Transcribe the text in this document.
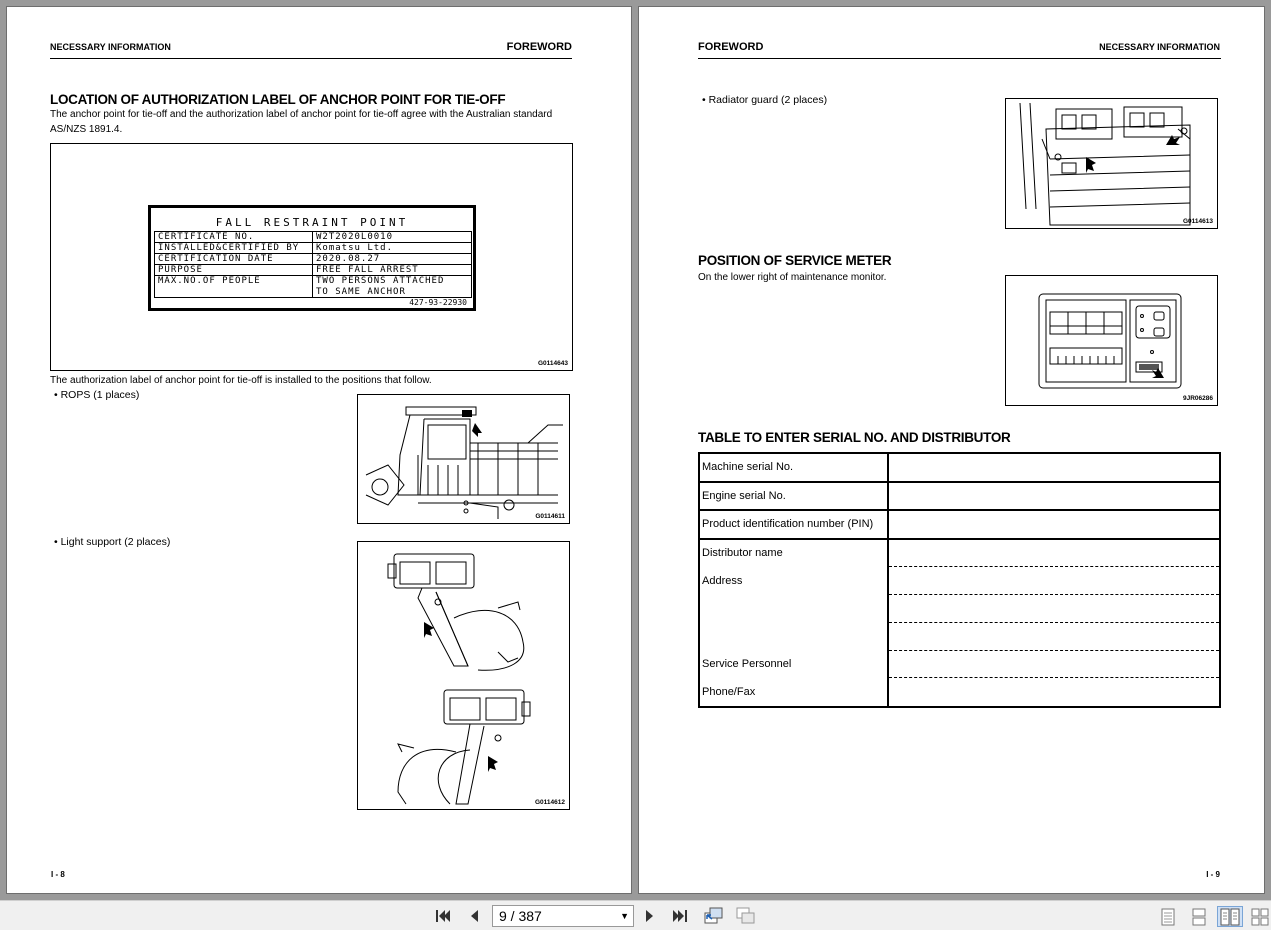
NECESSARY INFORMATION	FOREWORD
LOCATION OF AUTHORIZATION LABEL OF ANCHOR POINT FOR TIE-OFF
The anchor point for tie-off and the authorization label of anchor point for tie-off agree with the Australian standard
AS/NZS 1891.4.
FALL RESTRAINT POINT
CERTIFICATE NO.	W2T2020L0010
INSTALLED&CERTIFIED BY	Komatsu Ltd.
CERTIFICATION DATE	2020.08.27
PURPOSE	FREE FALL ARREST
MAX.NO.OF PEOPLE	TWO PERSONS ATTACHED
	TO SAME ANCHOR
427-93-22930
G0114643
The authorization label of anchor point for tie-off is installed to the positions that follow.
• ROPS (1 places)
G0114611
• Light support (2 places)
G0114612
I - 8
FOREWORD	NECESSARY INFORMATION
• Radiator guard (2 places)
G0114613
POSITION OF SERVICE METER
On the lower right of maintenance monitor.
9JR06286
TABLE TO ENTER SERIAL NO. AND DISTRIBUTOR
Machine serial No.	
Engine serial No.	
Product identification number (PIN)	

Distributor name
Address
Service Personnel
Phone/Fax	

I - 9
9 / 387	▼
